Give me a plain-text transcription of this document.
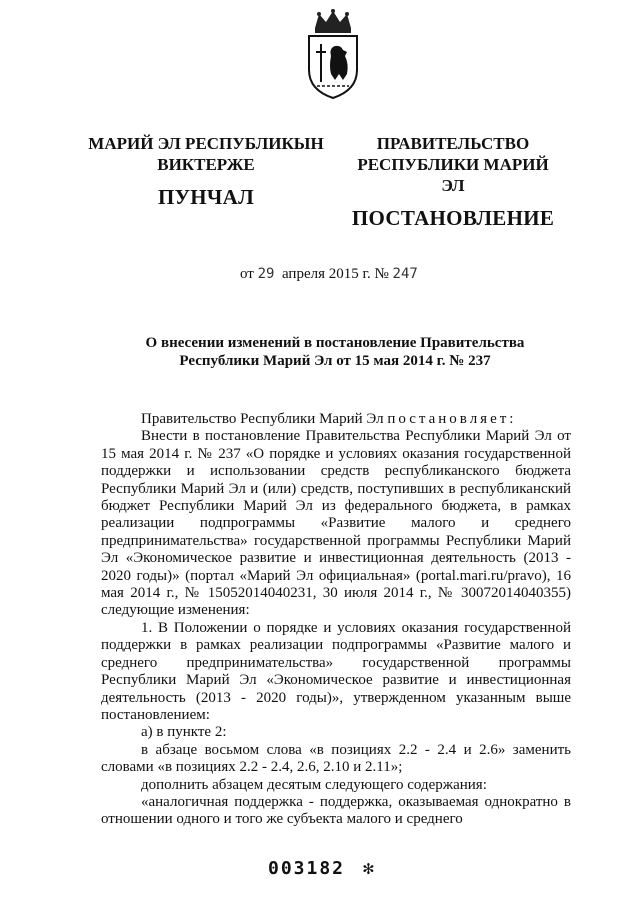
МАРИЙ ЭЛ РЕСПУБЛИКЫН
ВИКТЕРЖЕ
ПУНЧАЛ
ПРАВИТЕЛЬСТВО
РЕСПУБЛИКИ МАРИЙ ЭЛ
ПОСТАНОВЛЕНИЕ
от 29 апреля 2015 г. № 247
О внесении изменений в постановление Правительства
Республики Марий Эл от 15 мая 2014 г. № 237

Правительство Республики Марий Эл постановляет:

Внести в постановление Правительства Республики Марий Эл от 15 мая 2014 г. № 237 «О порядке и условиях оказания государственной поддержки и использовании средств республиканского бюджета Республики Марий Эл и (или) средств, поступивших в республиканский бюджет Республики Марий Эл из федерального бюджета, в рамках реализации подпрограммы «Развитие малого и среднего предпринимательства» государственной программы Республики Марий Эл «Экономическое развитие и инвестиционная деятельность (2013 - 2020 годы)» (портал «Марий Эл официальная» (portal.mari.ru/pravo), 16 мая 2014 г., № 15052014040231, 30 июля 2014 г., № 30072014040355) следующие изменения:

1. В Положении о порядке и условиях оказания государственной поддержки в рамках реализации подпрограммы «Развитие малого и среднего предпринимательства» государственной программы Республики Марий Эл «Экономическое развитие и инвестиционная деятельность (2013 - 2020 годы)», утвержденном указанным выше постановлением:

а) в пункте 2:

в абзаце восьмом слова «в позициях 2.2 - 2.4 и 2.6» заменить словами «в позициях 2.2 - 2.4, 2.6, 2.10 и 2.11»;

дополнить абзацем десятым следующего содержания:

«аналогичная поддержка - поддержка, оказываемая однократно в отношении одного и того же субъекта малого и среднего

003182 ✻
